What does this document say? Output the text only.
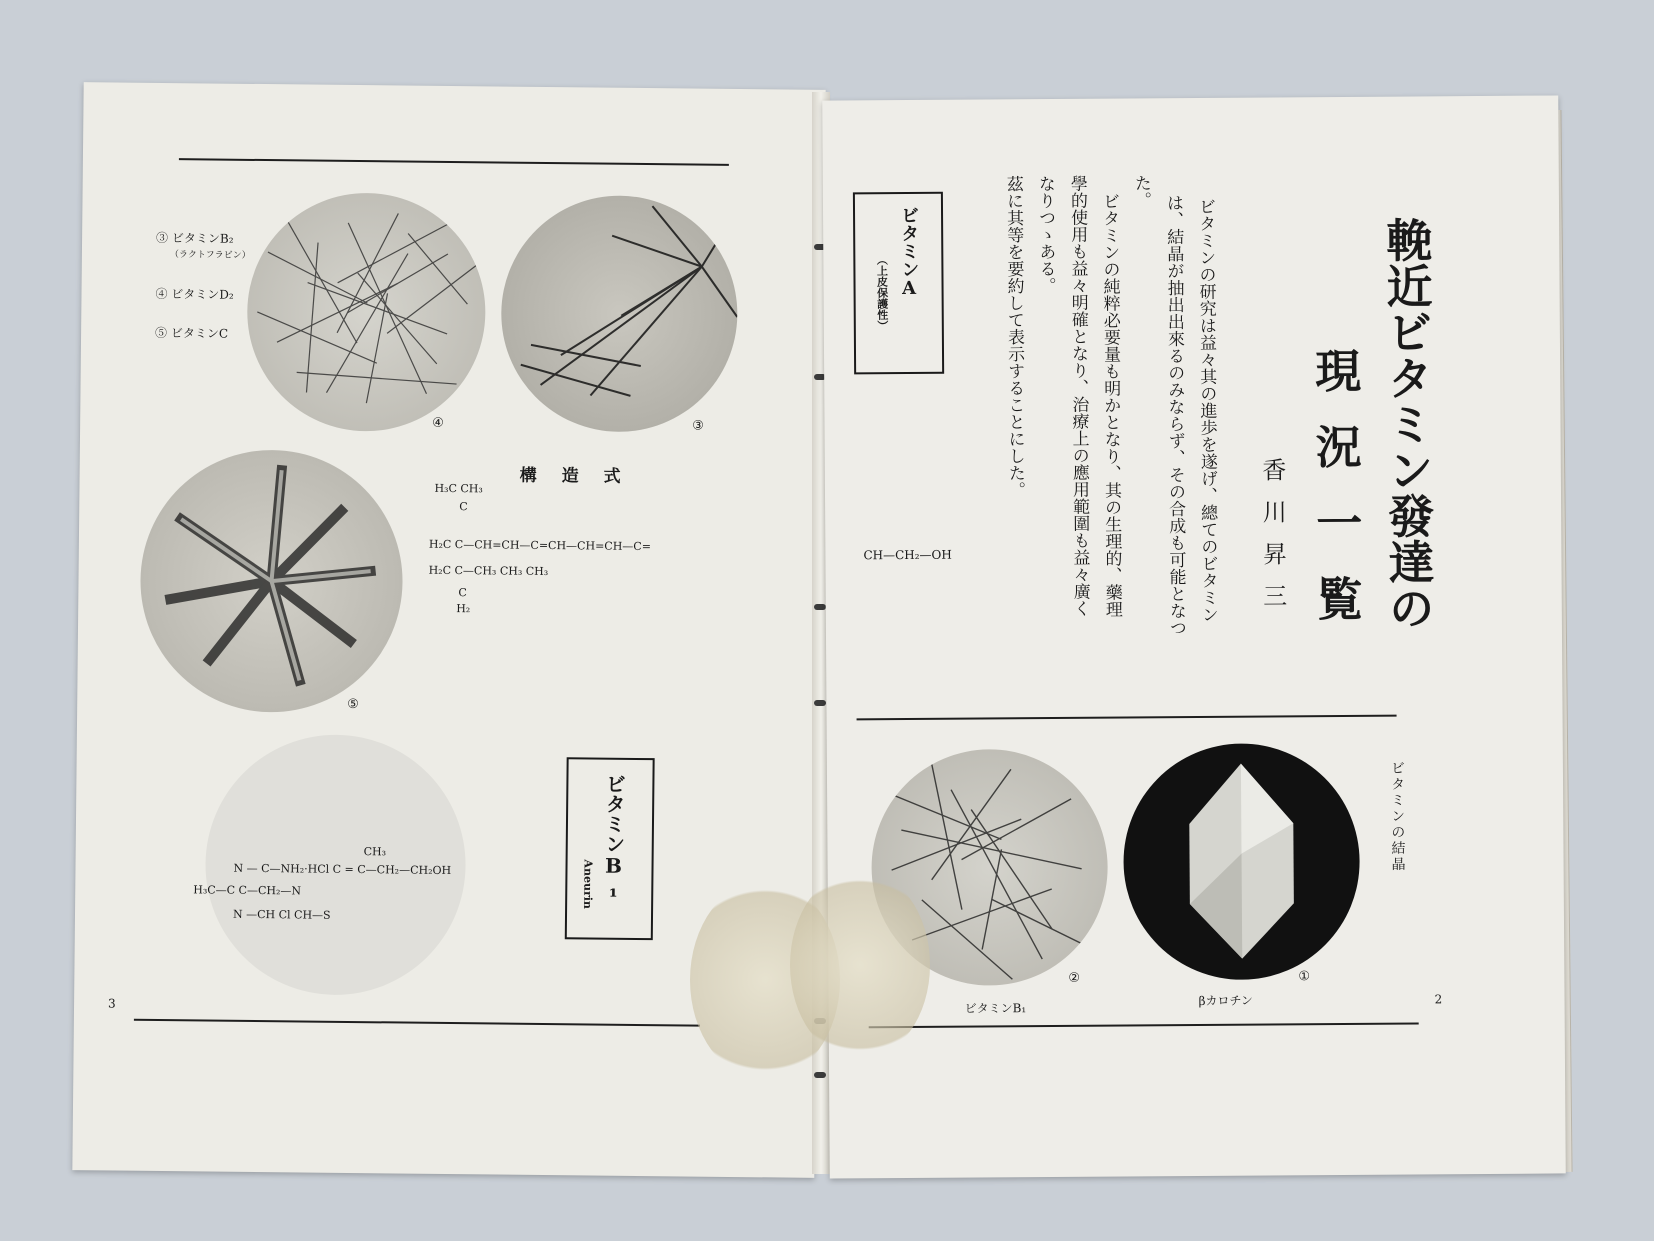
③ ビタミンB₂
（ラクトフラビン）
④ ビタミンD₂
⑤ ビタミンC
④	③
⑤
構　造　式
H₃C CH₃
C
H₂C C—CH=CH—C=CH—CH=CH—C=
H₂C C—CH₃ CH₃ CH₃
C
H₂
CH₃
N — C—NH₂·HCl C = C—CH₂—CH₂OH
H₃C—C C—CH₂—N
N —CH Cl CH—S
ビタミンB₁
Aneurin
3
輓近ビタミン發達の
現況一覧
香川昇三
ビタミンの研究は益々其の進歩を遂げ、總てのビタミン
は、結晶が抽出出來るのみならず、その合成も可能となつ
た。
ビタミンの純粹必要量も明かとなり、其の生理的、藥理
學的使用も益々明確となり、治療上の應用範圍も益々廣く
なりつゝある。
茲に其等を要約して表示することにした。
ビタミンA
（上皮保護性）
CH—CH₂—OH
②	①
ビタミンの結晶
ビタミンB₁
βカロチン	2
